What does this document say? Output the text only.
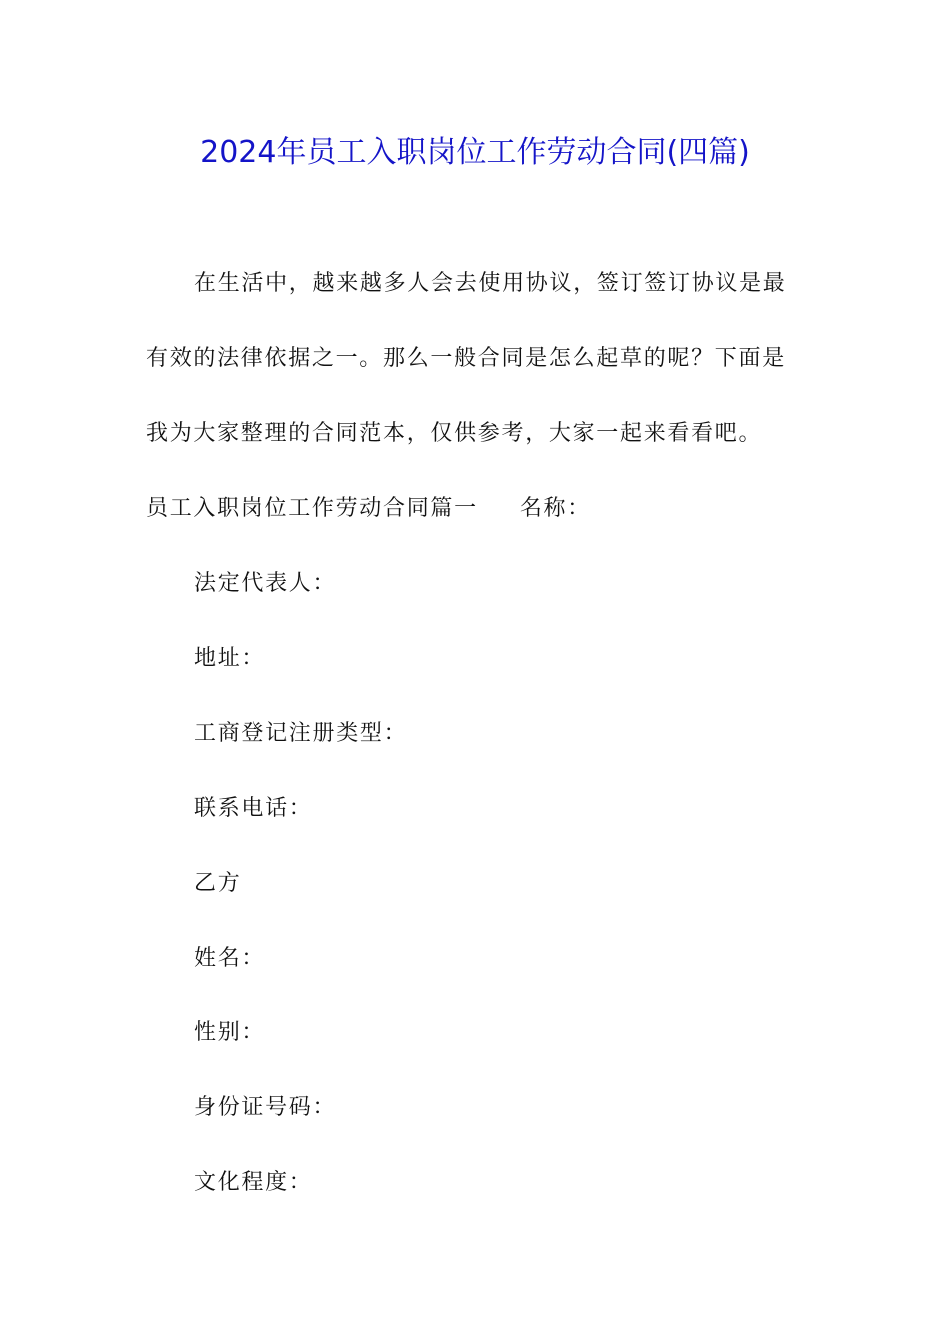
2024年员工入职岗位工作劳动合同(四篇)
在生活中，越来越多人会去使用协议，签订签订协议是最
有效的法律依据之一。那么一般合同是怎么起草的呢？下面是
我为大家整理的合同范本，仅供参考，大家一起来看看吧。
员工入职岗位工作劳动合同篇一 名称：
法定代表人：
地址：
工商登记注册类型：
联系电话：
乙方
姓名：
性别：
身份证号码：
文化程度：
